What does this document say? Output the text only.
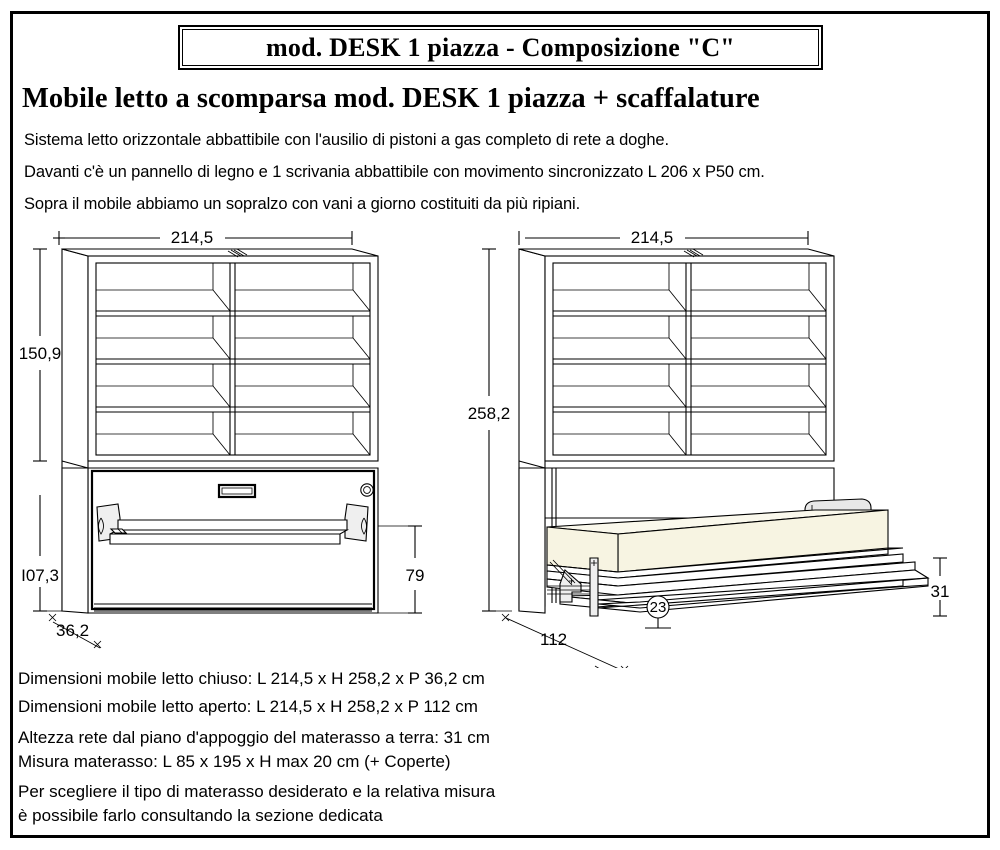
mod. DESK 1 piazza - Composizione "C"
Mobile letto a scomparsa mod. DESK 1 piazza + scaffalature
Sistema letto orizzontale abbattibile con l'ausilio di pistoni a gas completo di rete a doghe.
Davanti c'è un pannello di legno e 1 scrivania abbattibile con movimento sincronizzato L 206 x P50 cm.
Sopra il mobile abbiamo un sopralzo con vani a giorno costituiti da più ripiani.
214,5
150,9
I07,3
36,2
79
214,5
258,2
112
23
31
Dimensioni mobile letto chiuso: L 214,5 x H 258,2 x P 36,2 cm
Dimensioni mobile letto aperto: L 214,5 x H 258,2 x P 112 cm
Altezza rete dal piano d'appoggio del materasso a terra: 31 cm
Misura materasso: L 85 x 195 x H max 20 cm (+ Coperte)
Per scegliere il tipo di materasso desiderato e la relativa misura
è possibile farlo consultando la sezione dedicata
